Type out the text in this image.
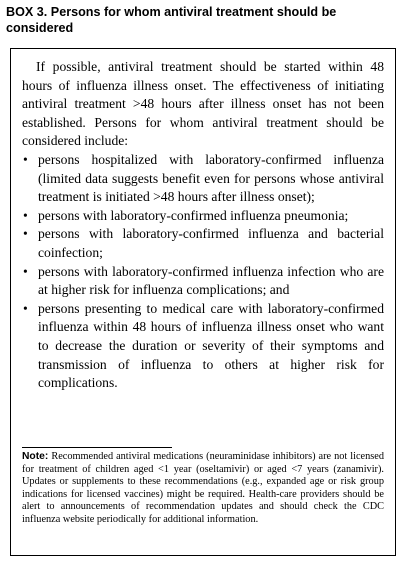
BOX 3. Persons for whom antiviral treatment should be considered

If possible, antiviral treatment should be started within 48 hours of influenza illness onset. The effectiveness of initiating antiviral treatment >48 hours after illness onset has not been established. Persons for whom antiviral treatment should be considered include:

• persons hospitalized with laboratory-confirmed influenza (limited data suggests benefit even for persons whose antiviral treatment is initiated >48 hours after illness onset);
• persons with laboratory-confirmed influenza pneumonia;
• persons with laboratory-confirmed influenza and bacterial coinfection;
• persons with laboratory-confirmed influenza infection who are at higher risk for influenza complications; and
• persons presenting to medical care with laboratory-confirmed influenza within 48 hours of influenza illness onset who want to decrease the duration or severity of their symptoms and transmission of influenza to others at higher risk for complications.

Note: Recommended antiviral medications (neuraminidase inhibitors) are not licensed for treatment of children aged <1 year (oseltamivir) or aged <7 years (zanamivir). Updates or supplements to these recommendations (e.g., expanded age or risk group indications for licensed vaccines) might be required. Health-care providers should be alert to announcements of recommendation updates and should check the CDC influenza website periodically for additional information.
